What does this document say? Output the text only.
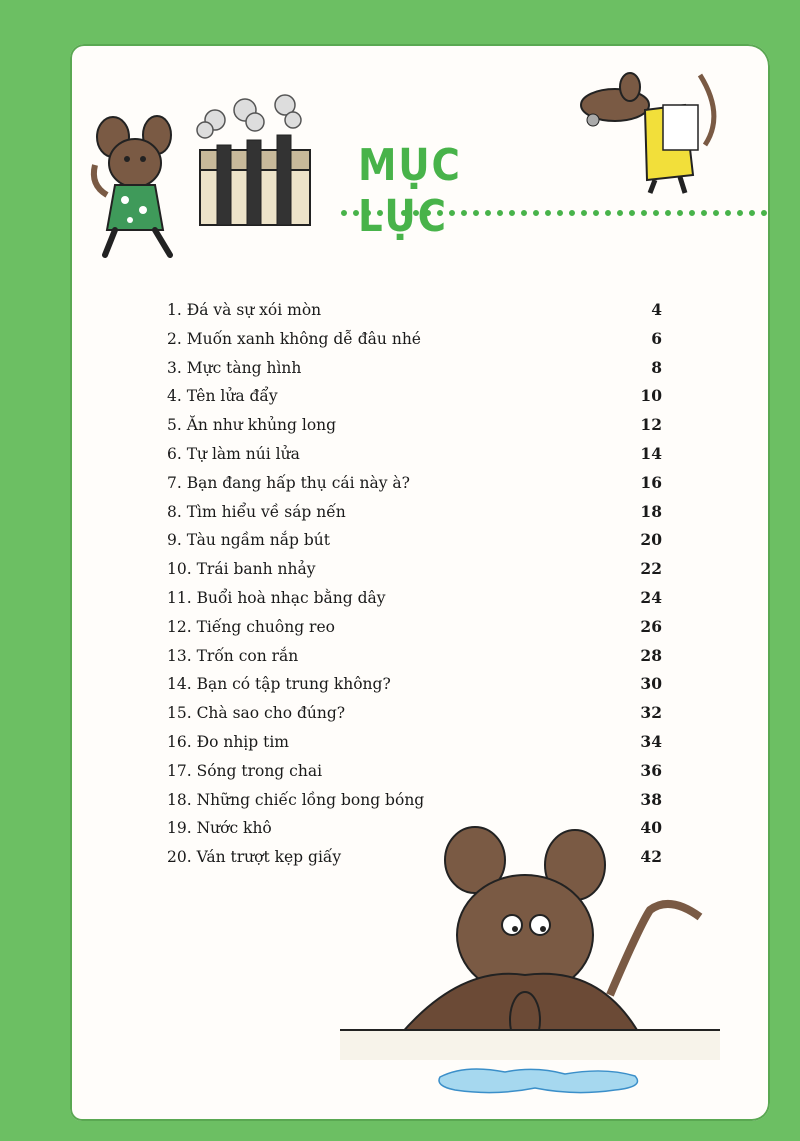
MỤC LỤC
1. Đá và sự xói mòn	4
2. Muốn xanh không dễ đâu nhé	6
3. Mực tàng hình	8
4. Tên lửa đẩy	10
5. Ăn như khủng long	12
6. Tự làm núi lửa	14
7. Bạn đang hấp thụ cái này à?	16
8. Tìm hiểu về sáp nến	18
9. Tàu ngầm nắp bút	20
10. Trái banh nhảy	22
11. Buổi hoà nhạc bằng dây	24
12. Tiếng chuông reo	26
13. Trốn con rắn	28
14. Bạn có tập trung không?	30
15. Chà sao cho đúng?	32
16. Đo nhịp tim	34
17. Sóng trong chai	36
18. Những chiếc lồng bong bóng	38
19. Nước khô	40
20. Ván trượt kẹp giấy	42
